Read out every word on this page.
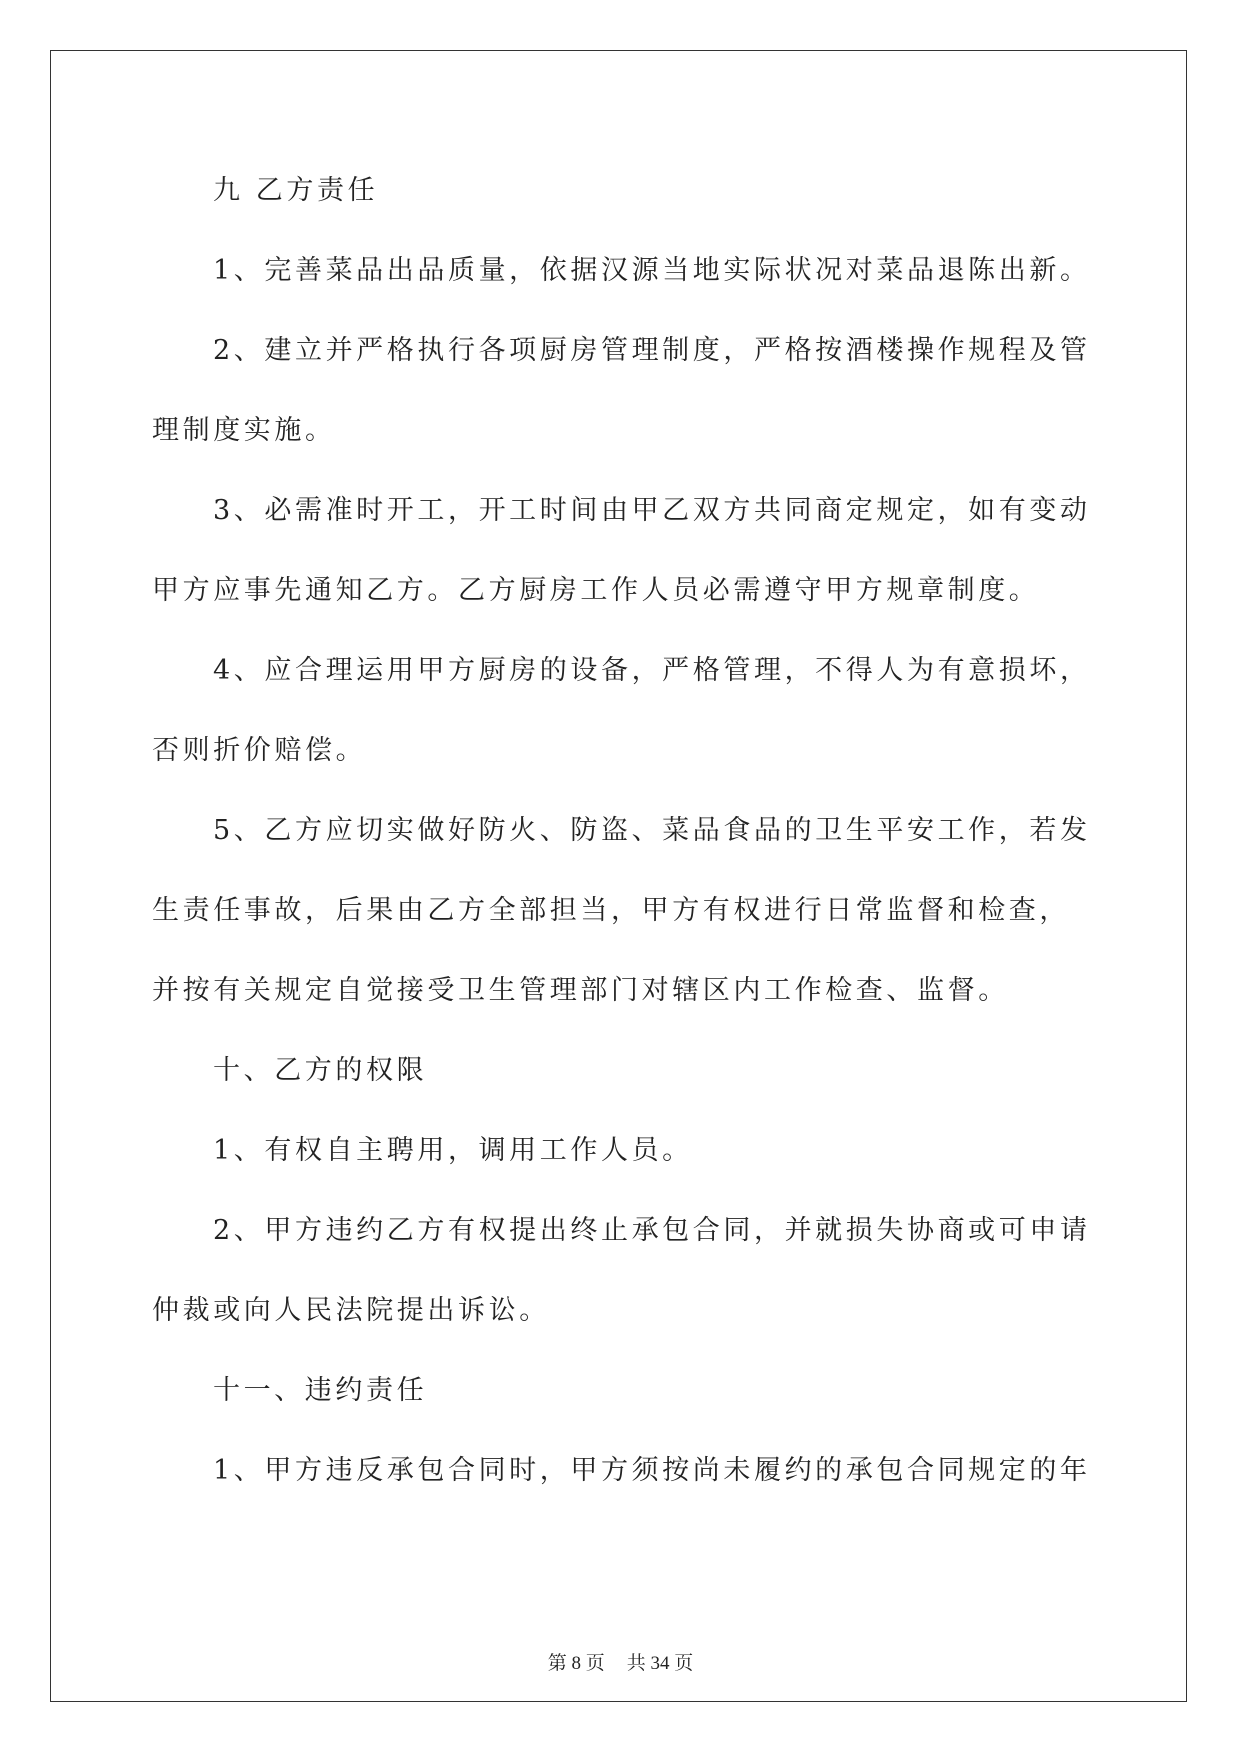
九 乙方责任
1、完善菜品出品质量，依据汉源当地实际状况对菜品退陈出新。
2、建立并严格执行各项厨房管理制度，严格按酒楼操作规程及管
理制度实施。
3、必需准时开工，开工时间由甲乙双方共同商定规定，如有变动
甲方应事先通知乙方。乙方厨房工作人员必需遵守甲方规章制度。
4、应合理运用甲方厨房的设备，严格管理，不得人为有意损坏，
否则折价赔偿。
5、乙方应切实做好防火、防盗、菜品食品的卫生平安工作，若发
生责任事故，后果由乙方全部担当，甲方有权进行日常监督和检查，
并按有关规定自觉接受卫生管理部门对辖区内工作检查、监督。
十、乙方的权限
1、有权自主聘用，调用工作人员。
2、甲方违约乙方有权提出终止承包合同，并就损失协商或可申请
仲裁或向人民法院提出诉讼。
十一、违约责任
1、甲方违反承包合同时，甲方须按尚未履约的承包合同规定的年
第 8 页 共 34 页
